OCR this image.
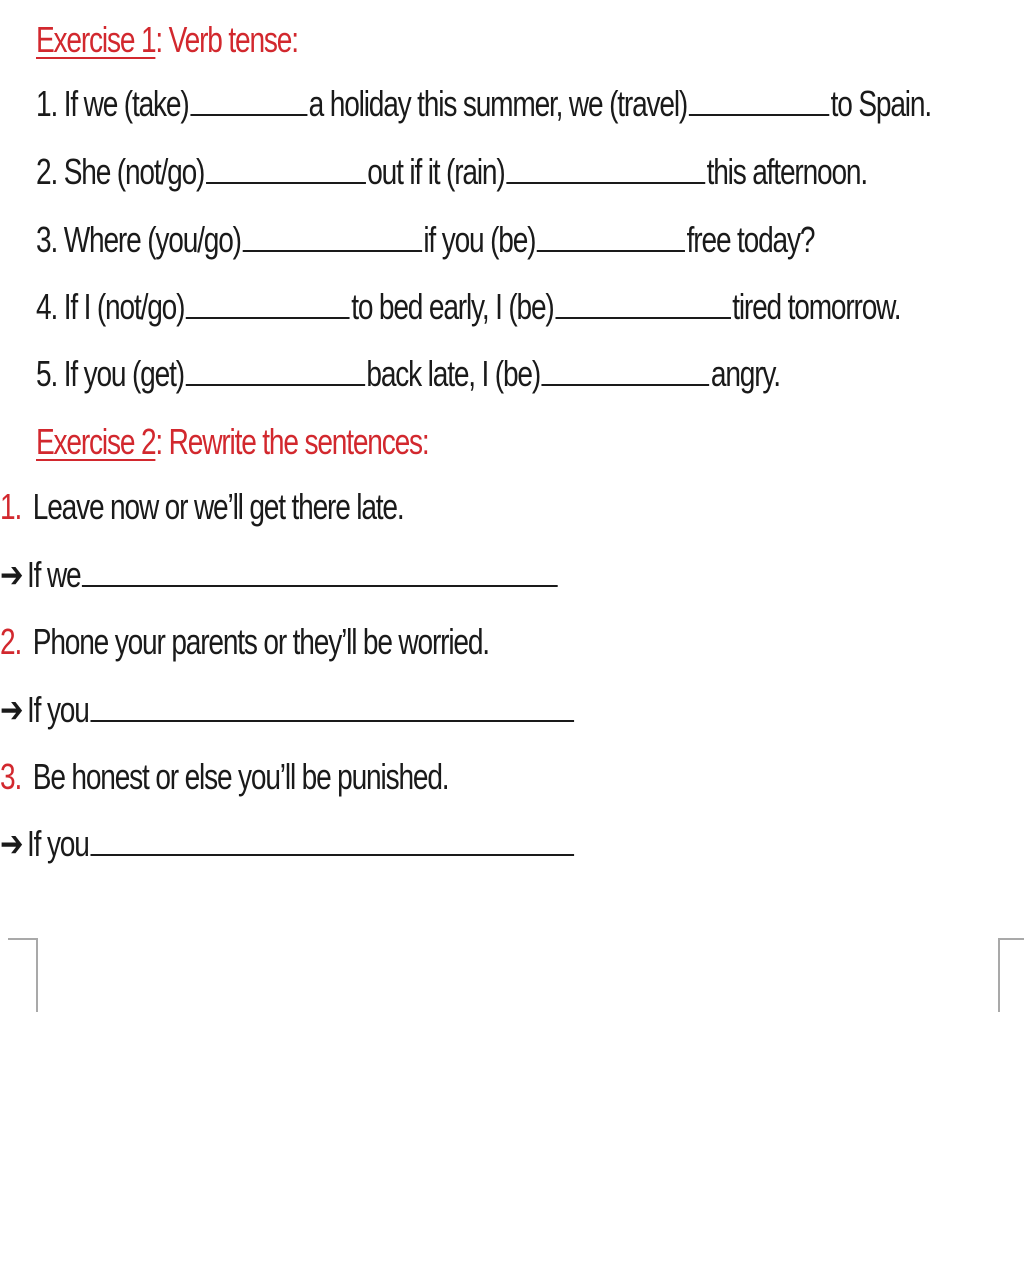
Exercise 1: Verb tense:
1. If we (take)	a holiday this summer, we (travel)	to Spain.
2. She (not/go)	out if it (rain)	this afternoon.
3. Where (you/go)	if you (be)	free today?
4. If I (not/go)	to bed early, I (be)	tired tomorrow.
5. If you (get)	back late, I (be)	angry.
Exercise 2: Rewrite the sentences:
1. Leave now or we’ll get there late.
➔ If we
2. Phone your parents or they’ll be worried.
➔ If you
3. Be honest or else you’ll be punished.
➔ If you
